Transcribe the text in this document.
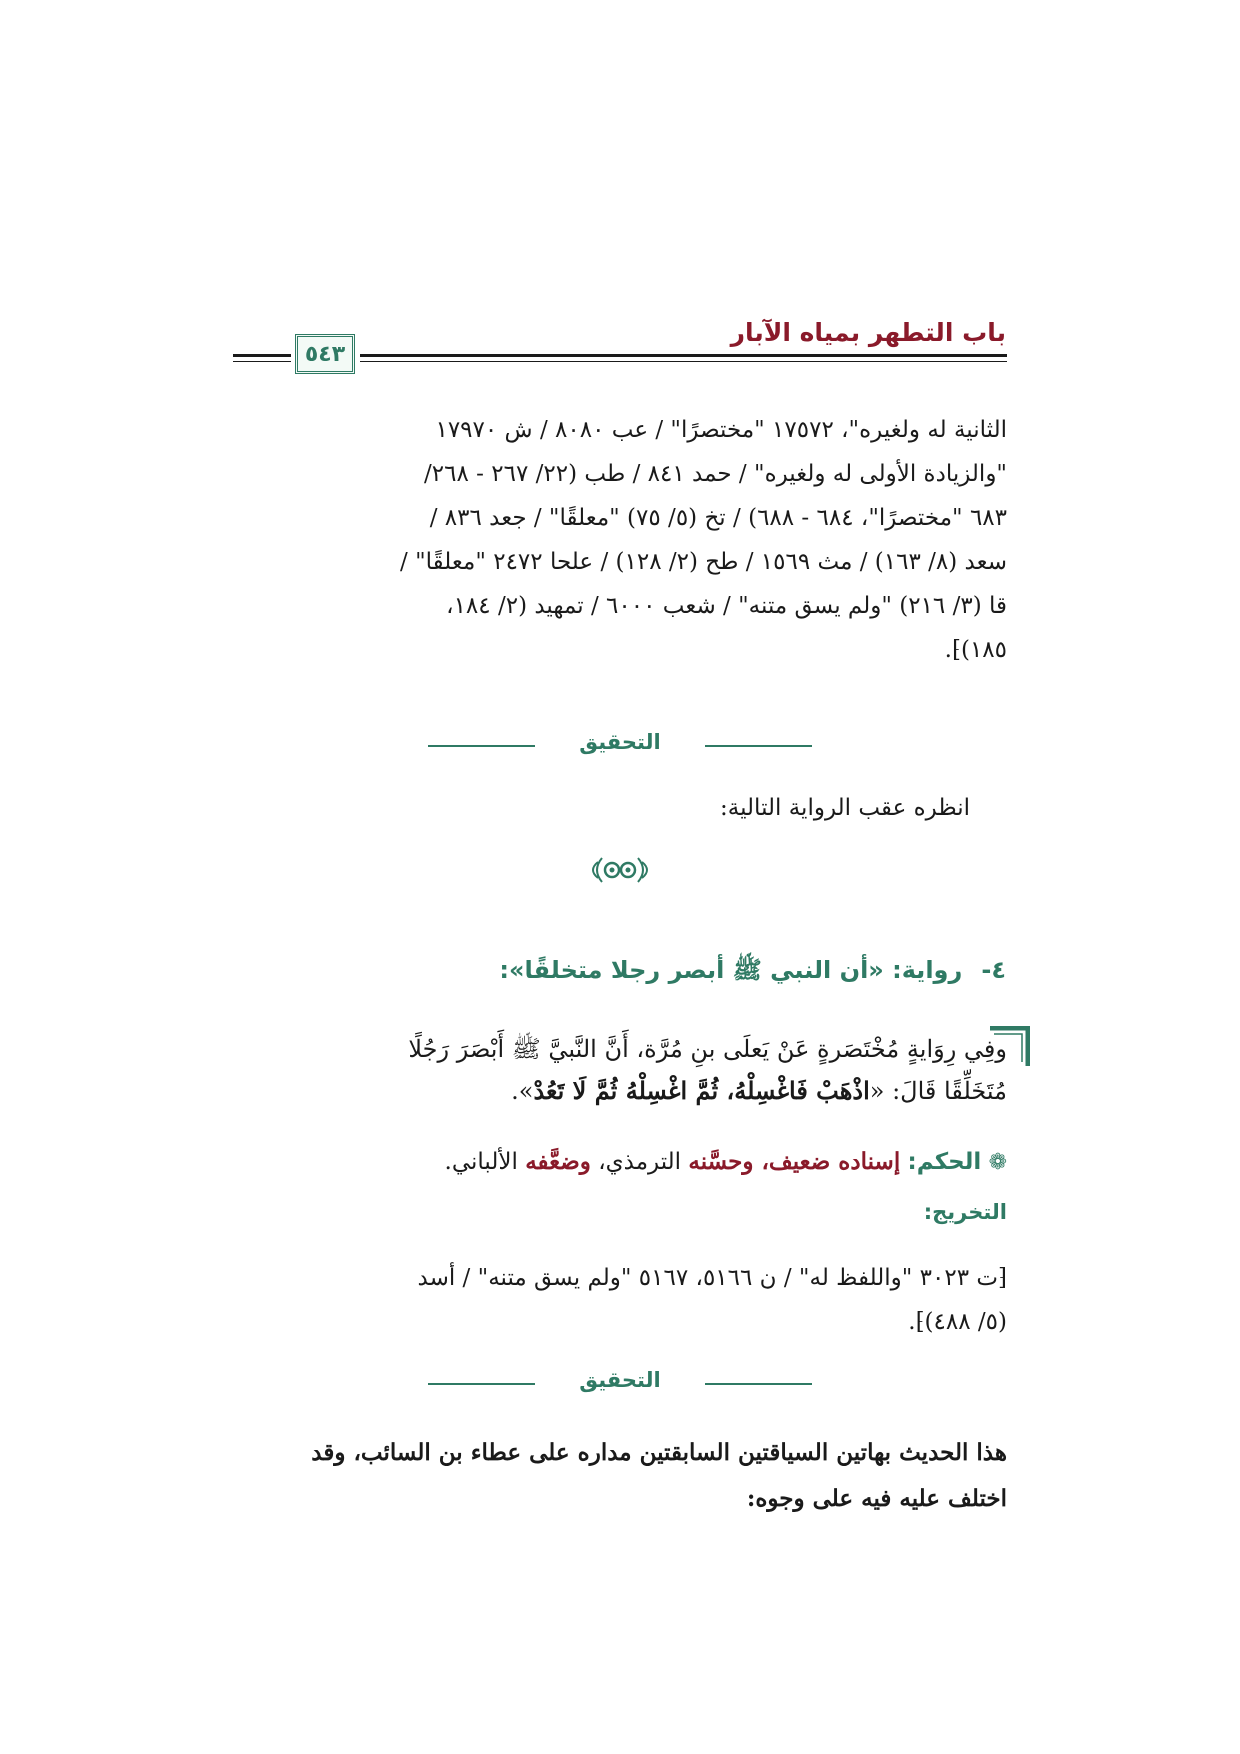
باب التطهر بمياه الآبار
٥٤٣
الثانية له ولغيره"، ١٧٥٧٢ "مختصرًا" / عب ٨٠٨٠ / ش ١٧٩٧٠
"والزيادة الأولى له ولغيره" / حمد ٨٤١ / طب (٢٢/ ٢٦٧ - ٢٦٨/
٦٨٣ "مختصرًا"، ٦٨٤ - ٦٨٨) / تخ (٥/ ٧٥) "معلقًا" / جعد ٨٣٦ /
سعد (٨/ ١٦٣) / مث ١٥٦٩ / طح (٢/ ١٢٨) / علحا ٢٤٧٢ "معلقًا" /
قا (٣/ ٢١٦) "ولم يسق متنه" / شعب ٦٠٠٠ / تمهيد (٢/ ١٨٤،
١٨٥)⁆.
التحقيق
انظره عقب الرواية التالية:
٤- رواية: «أن النبي ﷺ أبصر رجلا متخلقًا»:
وفِي رِوَايةٍ مُخْتَصَرةٍ عَنْ يَعلَى بنِ مُرَّة، أَنَّ النَّبيَّ ﷺ أَبْصَرَ رَجُلًا
مُتَخَلِّقًا قَالَ: «اذْهَبْ فَاغْسِلْهُ، ثُمَّ اغْسِلْهُ ثُمَّ لَا تَعُدْ».
❁ الحكم: إسناده ضعيف، وحسَّنه الترمذي، وضعَّفه الألباني.
التخريج:
⁅ت ٣٠٢٣ "واللفظ له" / ن ٥١٦٦، ٥١٦٧ "ولم يسق متنه" / أسد
(٥/ ٤٨٨)⁆.
التحقيق
هذا الحديث بهاتين السياقتين السابقتين مداره على عطاء بن السائب، وقد
اختلف عليه فيه على وجوه:
